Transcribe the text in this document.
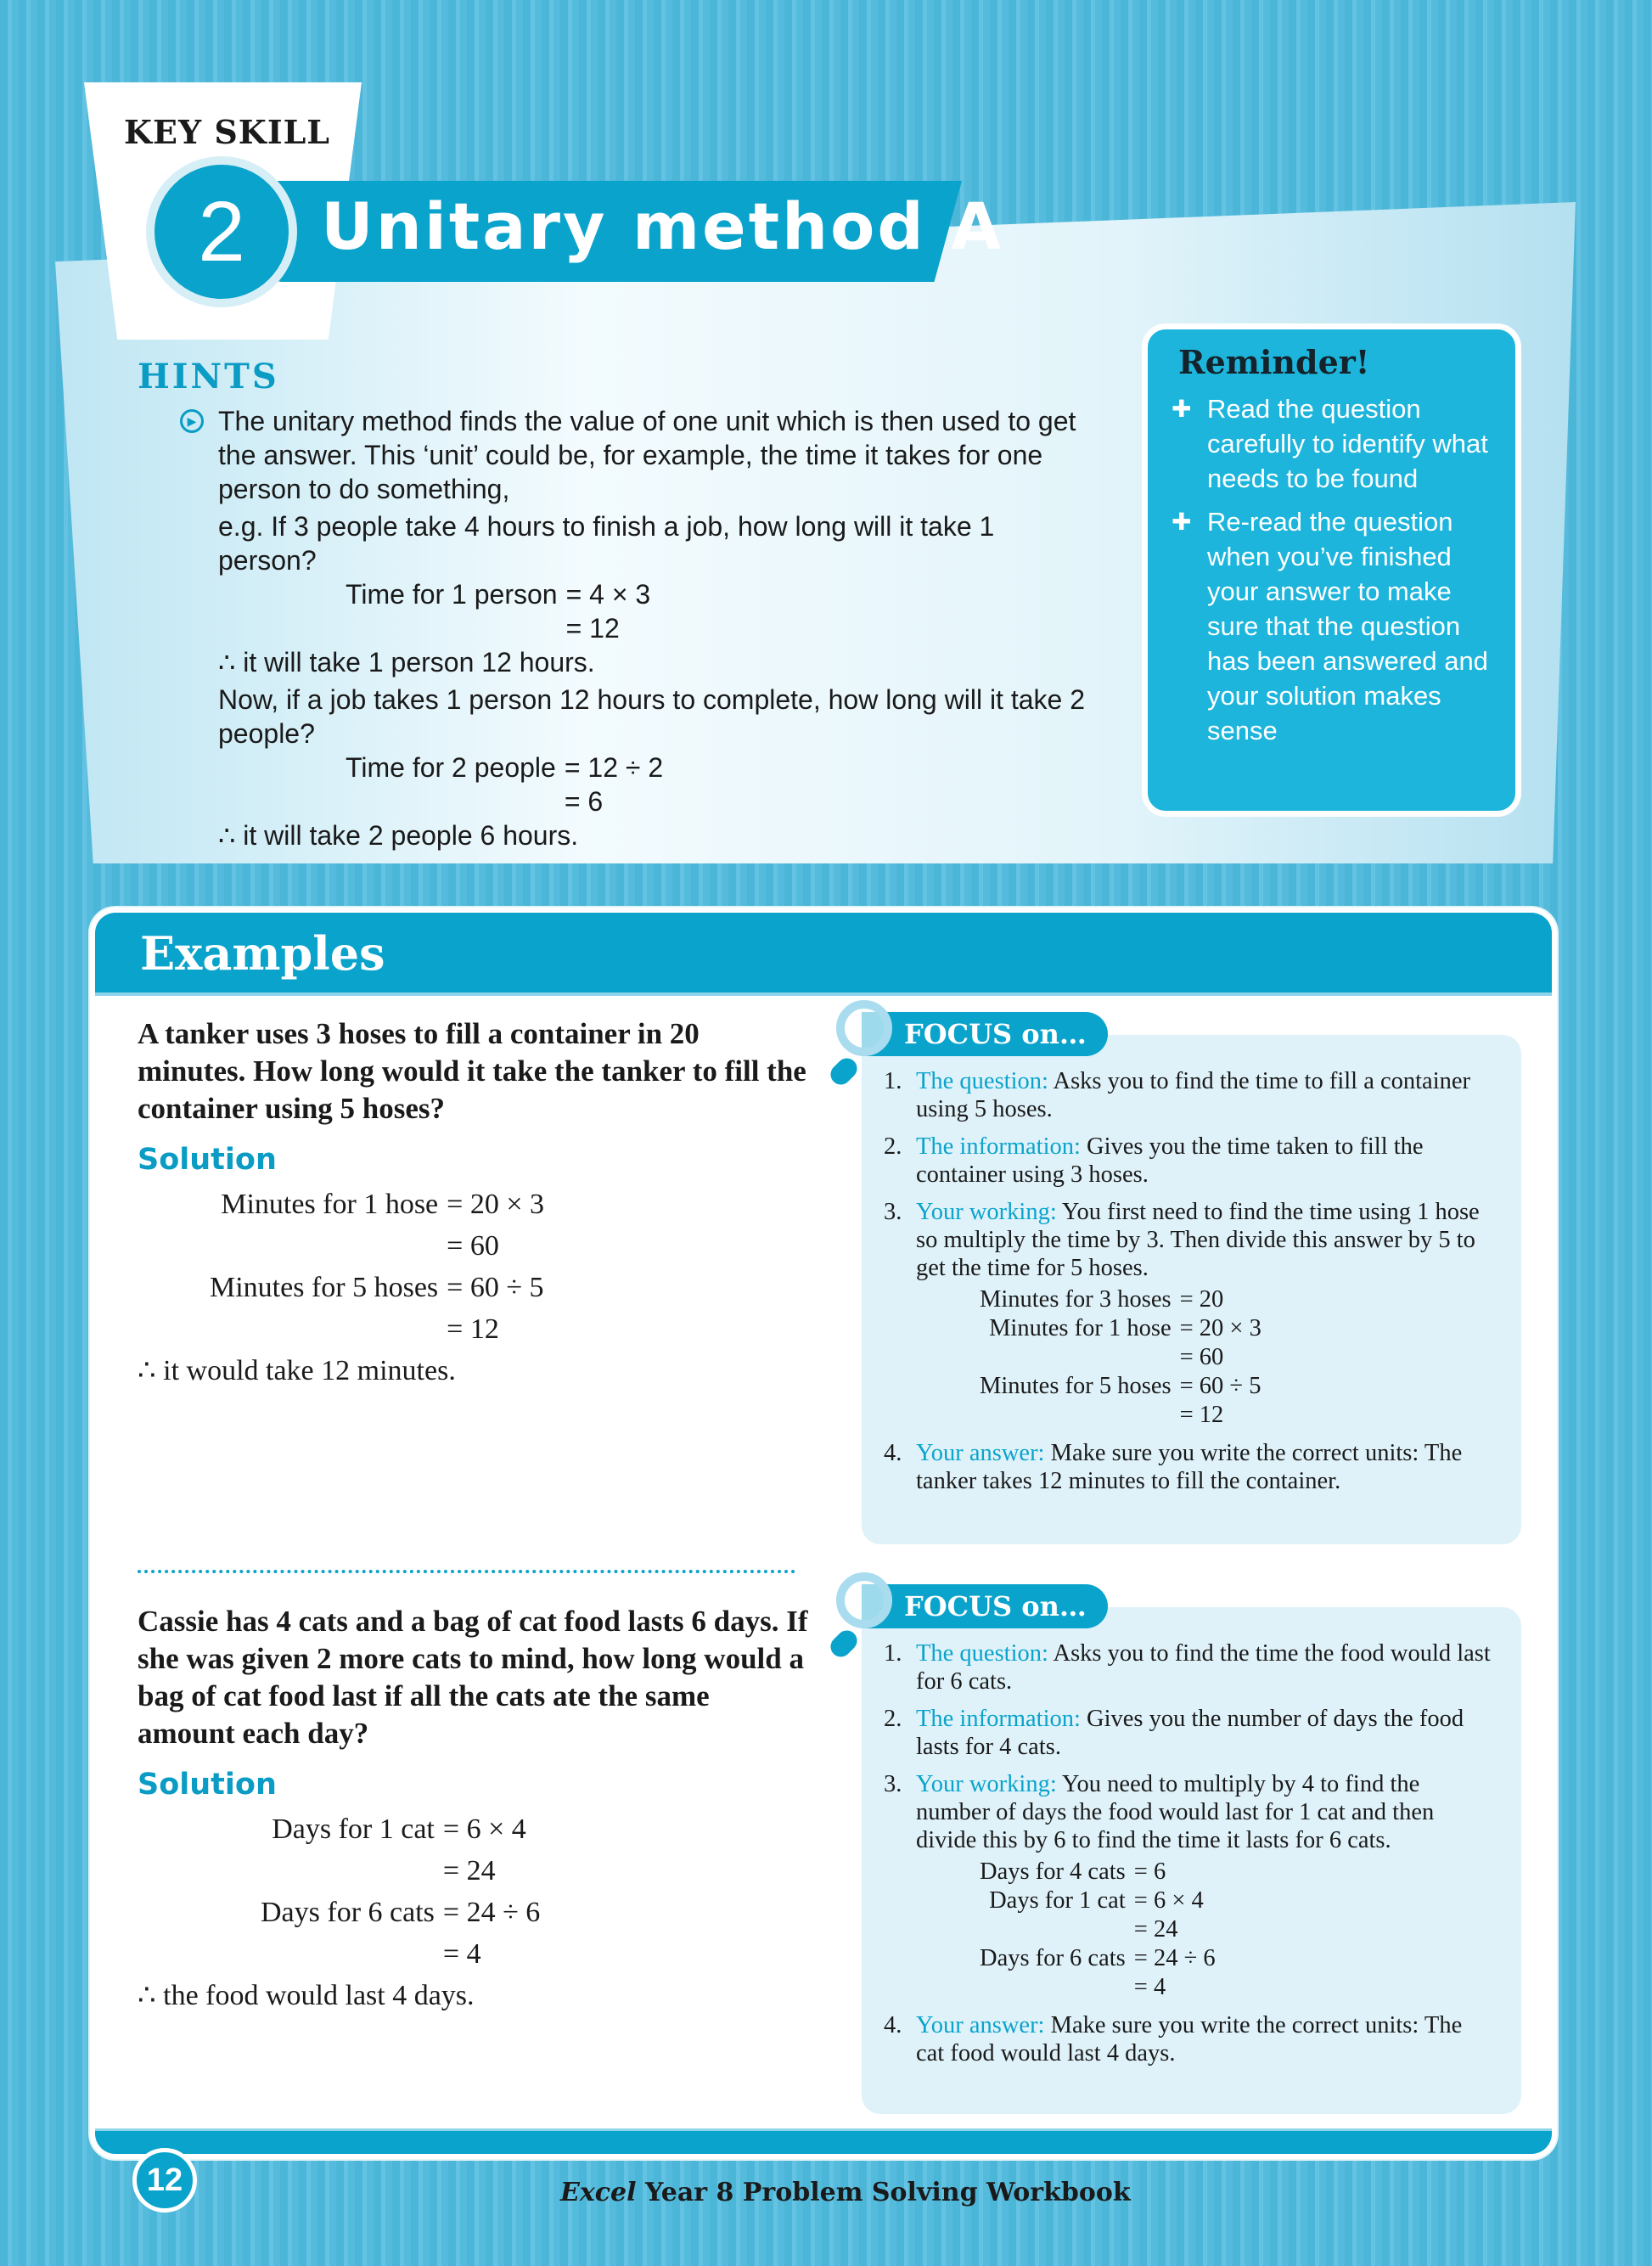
KEY SKILL
Unitary method A
2
HINTS
▶ The unitary method finds the value of one unit which is then used to get the answer. This ‘unit’ could be, for example, the time it takes for one person to do something,

e.g. If 3 people take 4 hours to finish a job, how long will it take 1 person?

Time for 1 person = 4 × 3
= 12

∴ it will take 1 person 12 hours.

Now, if a job takes 1 person 12 hours to complete, how long will it take 2 people?

Time for 2 people = 12 ÷ 2
= 6

∴ it will take 2 people 6 hours.

Reminder!
✚ Read the question carefully to identify what needs to be found
✚ Re-read the question when you’ve finished your answer to make sure that the question has been answered and your solution makes sense
Examples
A tanker uses 3 hoses to fill a container in 20 minutes. How long would it take the tanker to fill the container using 5 hoses?
Solution
Minutes for 1 hose = 20 × 3
= 60
Minutes for 5 hoses = 60 ÷ 5
= 12
∴ it would take 12 minutes.
1. The question: Asks you to find the time to fill a container using 5 hoses.
2. The information: Gives you the time taken to fill the container using 3 hoses.
3. Your working: You first need to find the time using 1 hose so multiply the time by 3. Then divide this answer by 5 to get the time for 5 hoses.
Minutes for 3 hoses = 20
Minutes for 1 hose = 20 × 3
= 60
Minutes for 5 hoses = 60 ÷ 5
= 12
4. Your answer: Make sure you write the correct units: The tanker takes 12 minutes to fill the container.
FOCUS on…
Cassie has 4 cats and a bag of cat food lasts 6 days. If she was given 2 more cats to mind, how long would a bag of cat food last if all the cats ate the same amount each day?
Solution
Days for 1 cat = 6 × 4
= 24
Days for 6 cats = 24 ÷ 6
= 4
∴ the food would last 4 days.
1. The question: Asks you to find the time the food would last for 6 cats.
2. The information: Gives you the number of days the food lasts for 4 cats.
3. Your working: You need to multiply by 4 to find the number of days the food would last for 1 cat and then divide this by 6 to find the time it lasts for 6 cats.
Days for 4 cats = 6
Days for 1 cat = 6 × 4
= 24
Days for 6 cats = 24 ÷ 6
= 4
4. Your answer: Make sure you write the correct units: The cat food would last 4 days.
FOCUS on…
12	Excel Year 8 Problem Solving Workbook
